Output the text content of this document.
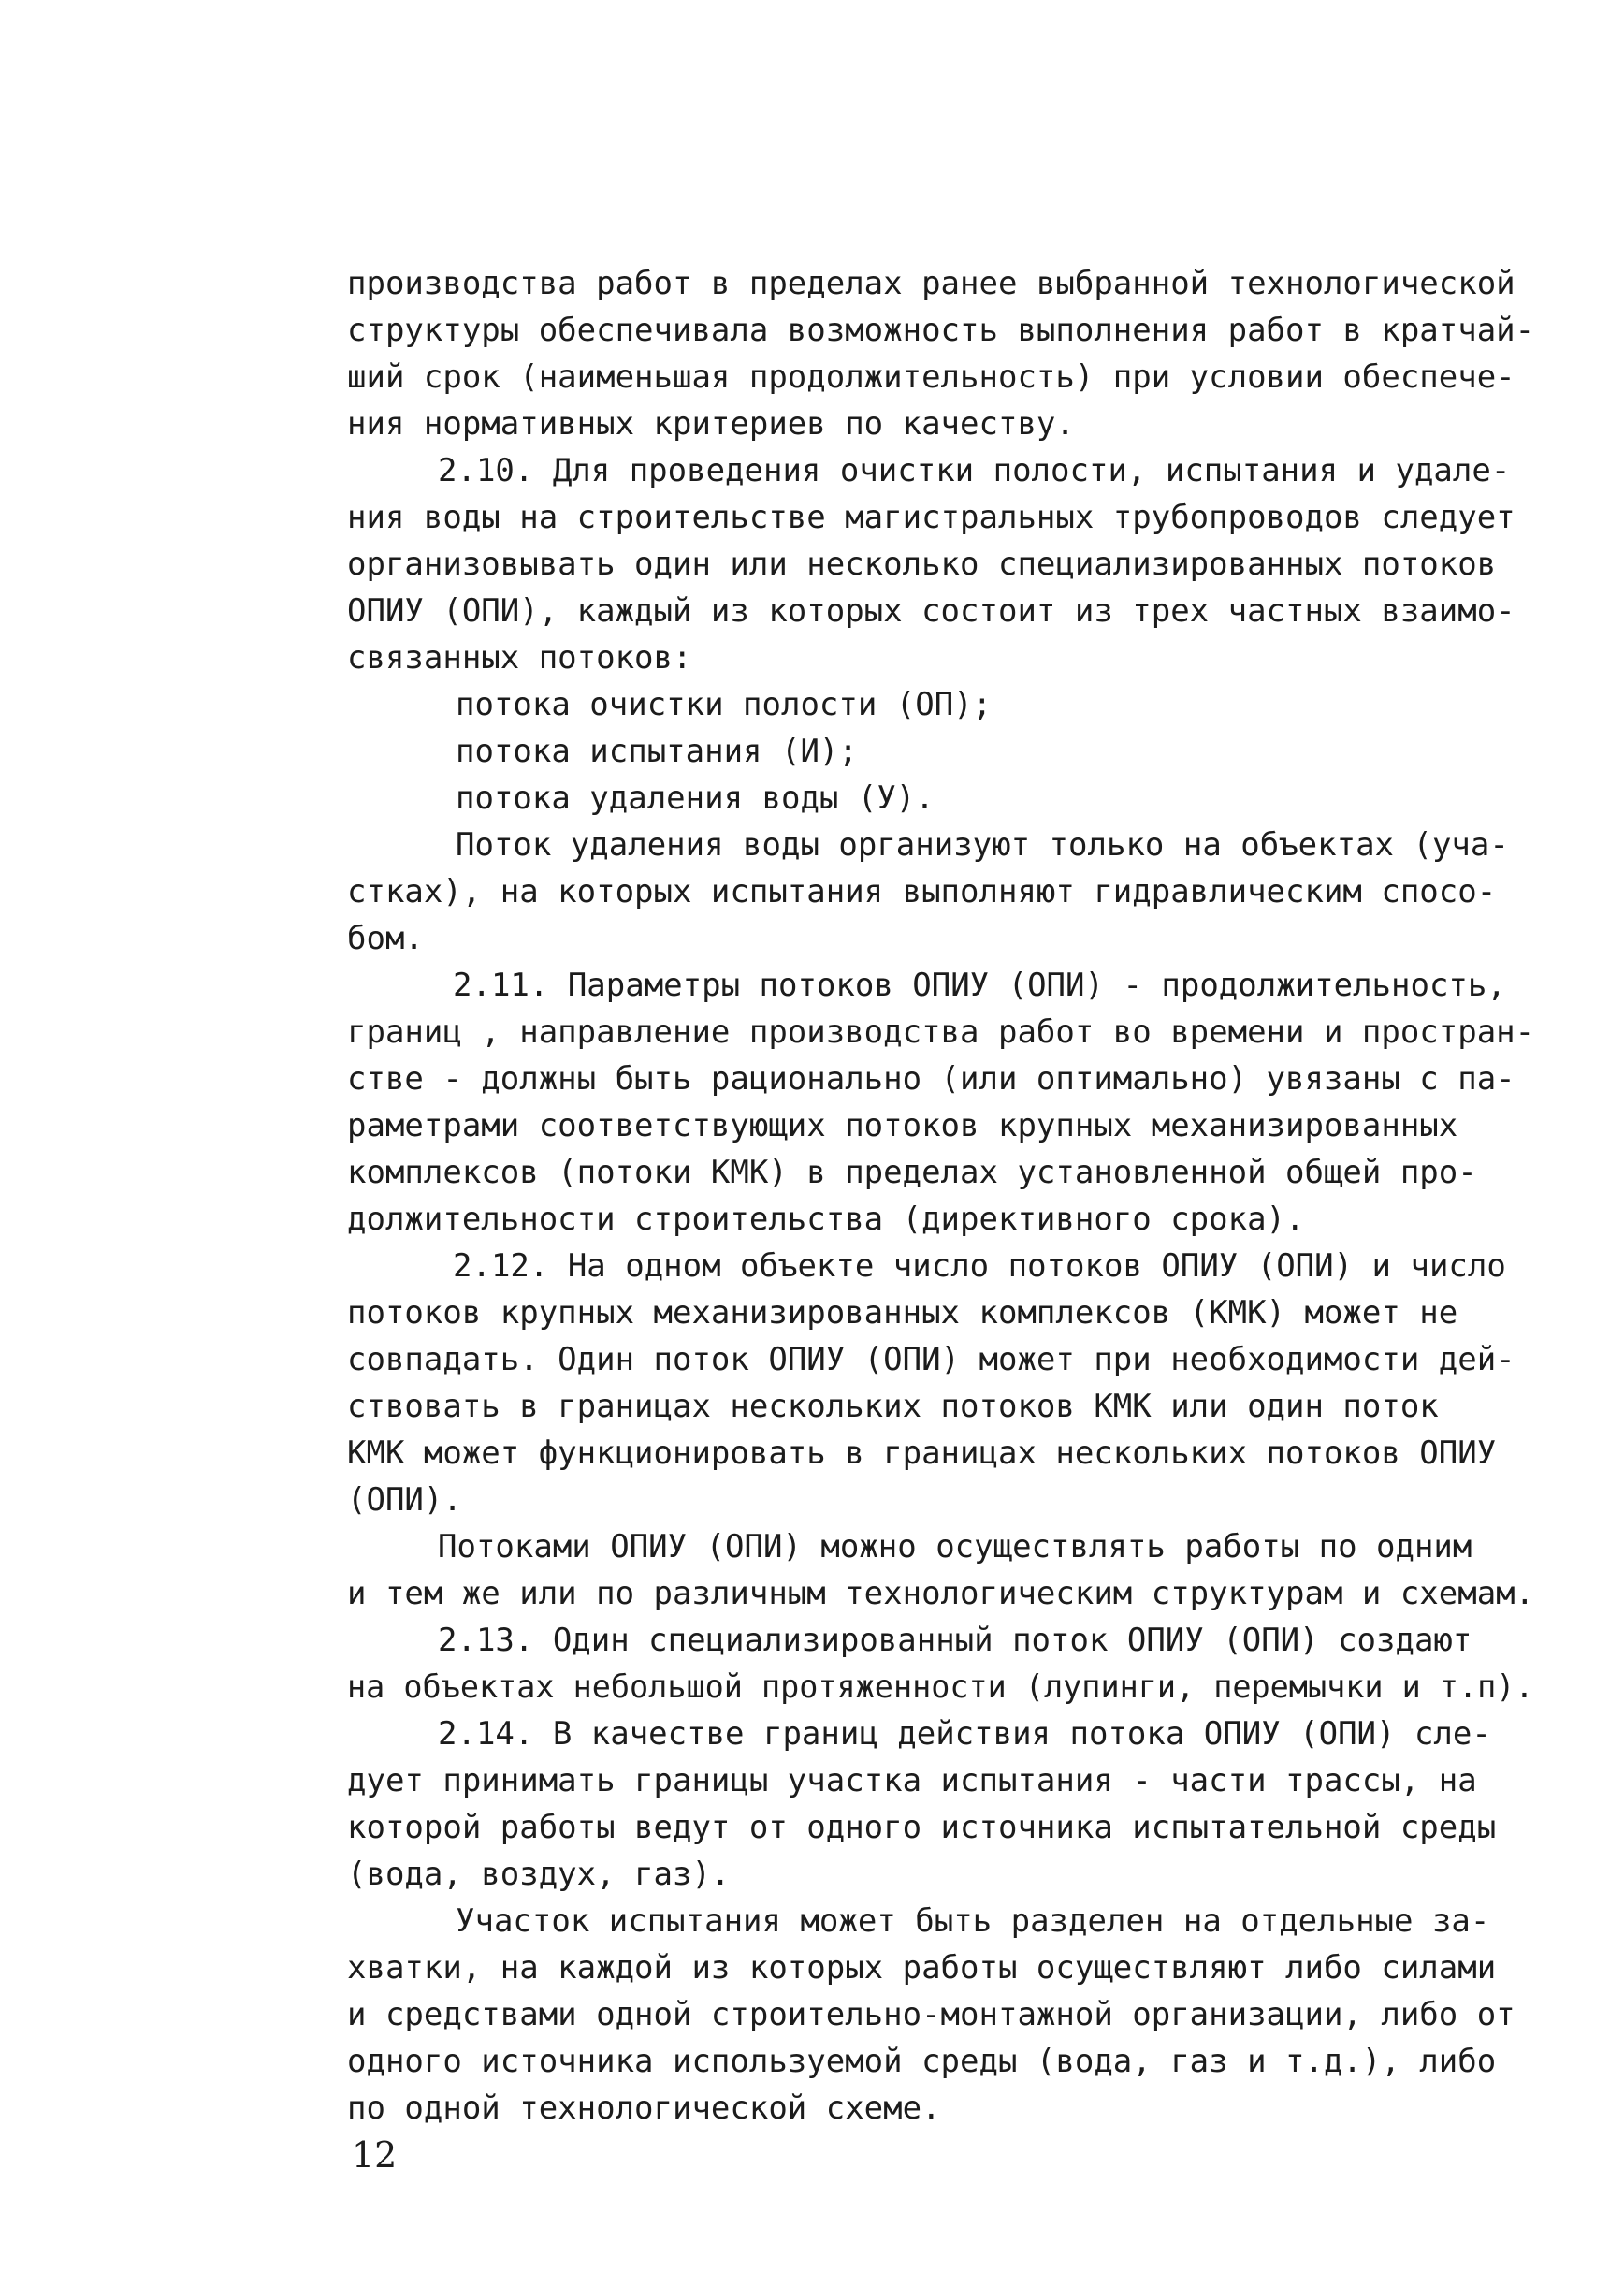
производства работ в пределах ранее выбранной технологической
структуры обеспечивала возможность выполнения работ в кратчай-
ший срок (наименьшая продолжительность) при условии обеспече-
ния нормативных критериев по качеству.
2.10. Для проведения очистки полости, испытания и удале-
ния воды на строительстве магистральных трубопроводов следует
организовывать один или несколько специализированных потоков
ОПИУ (ОПИ), каждый из которых состоит из трех частных взаимо-
связанных потоков:
потока очистки полости (ОП);
потока испытания (И);
потока удаления воды (У).
Поток удаления воды организуют только на объектах (уча-
стках), на которых испытания выполняют гидравлическим спосо-
бом.
2.11. Параметры потоков ОПИУ (ОПИ) - продолжительность,
границ , направление производства работ во времени и простран-
стве - должны быть рационально (или оптимально) увязаны с па-
раметрами соответствующих потоков крупных механизированных
комплексов (потоки КМК) в пределах установленной общей про-
должительности строительства (директивного срока).
2.12. На одном объекте число потоков ОПИУ (ОПИ) и число
потоков крупных механизированных комплексов (КМК) может не
совпадать. Один поток ОПИУ (ОПИ) может при необходимости дей-
ствовать в границах нескольких потоков КМК или один поток
КМК может функционировать в границах нескольких потоков ОПИУ
(ОПИ).
Потоками ОПИУ (ОПИ) можно осуществлять работы по одним
и тем же или по различным технологическим структурам и схемам.
2.13. Один специализированный поток ОПИУ (ОПИ) создают
на объектах небольшой протяженности (лупинги, перемычки и т.п).
2.14. В качестве границ действия потока ОПИУ (ОПИ) сле-
дует принимать границы участка испытания - части трассы, на
которой работы ведут от одного источника испытательной среды
(вода, воздух, газ).
Участок испытания может быть разделен на отдельные за-
хватки, на каждой из которых работы осуществляют либо силами
и средствами одной строительно-монтажной организации, либо от
одного источника используемой среды (вода, газ и т.д.), либо
по одной технологической схеме.
12
